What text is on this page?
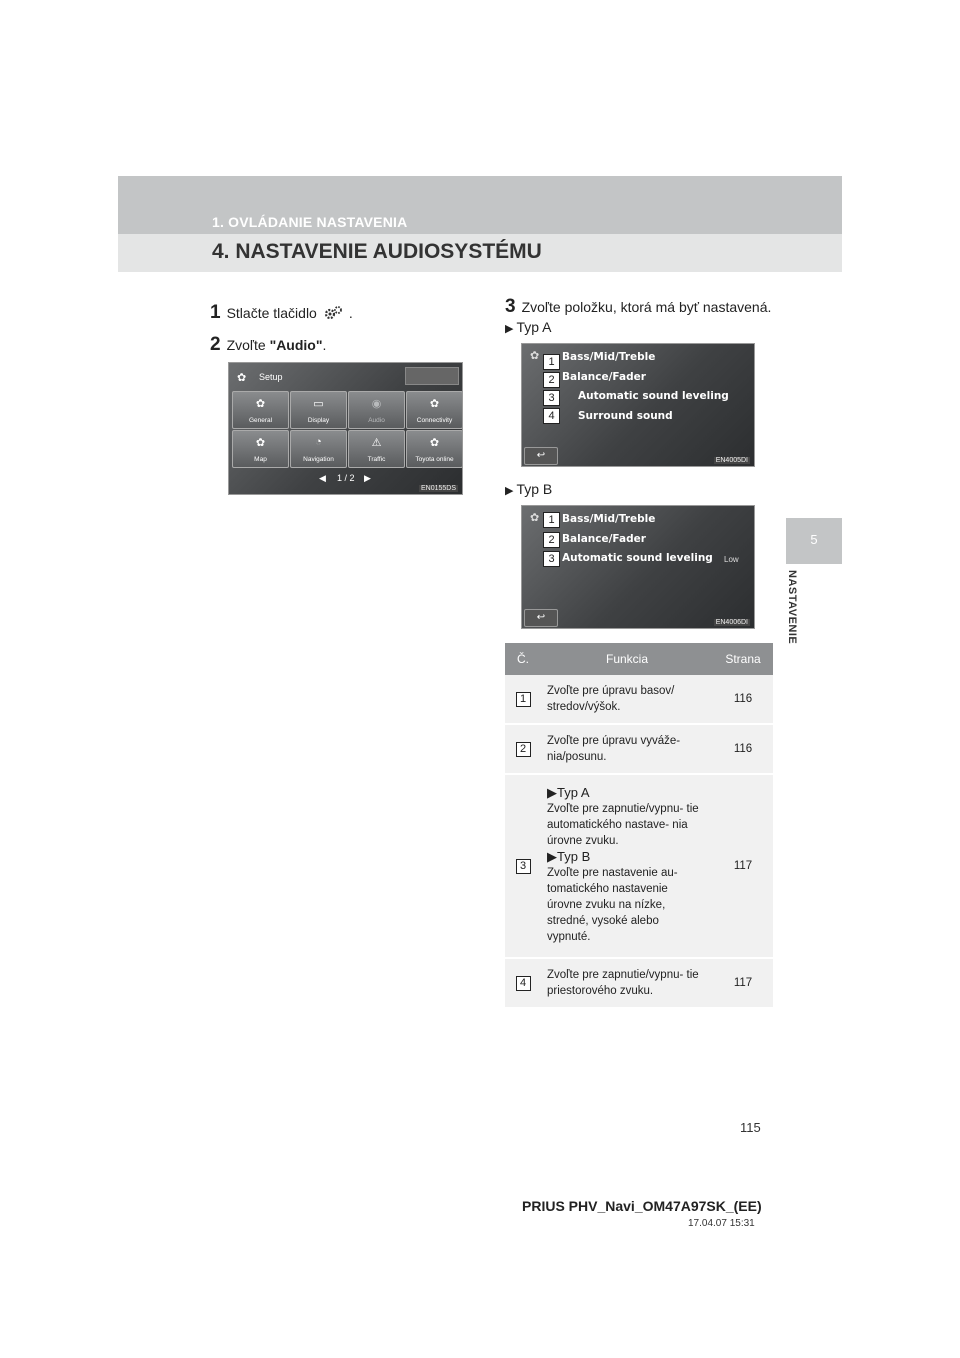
1. OVLÁDANIE NASTAVENIA
4. NASTAVENIE AUDIOSYSTÉMU
5
NASTAVENIE
1 Stlačte tlačidlo .
2 Zvoľte "Audio".
✿ Setup
✿
General
▭
Display
◉
Audio
✿
Connectivity
✿
Map
◔
Navigation
⚠
Traffic
✿
Toyota online
◀ 1 / 2 ▶
EN0155DS
3 Zvoľte položku, ktorá má byť nastavená.
▶ Typ A
✿ Bass/Mid/Treble
Balance/Fader
Automatic sound leveling
Surround sound
1
2
3
4
↩	EN4005DI
▶ Typ B
✿ Bass/Mid/Treble
Balance/Fader
Automatic sound leveling Low
1
2
3
↩	EN4006DI
Č.	Funkcia	Strana
1	Zvoľte pre úpravu basov/ stredov/výšok.	116
2	Zvoľte pre úpravu vyváže- nia/posunu.	116
3	▶Typ A
Zvoľte pre zapnutie/vypnu- tie automatického nastave- nia úrovne zvuku.
▶Typ B
Zvoľte pre nastavenie au- tomatického nastavenie úrovne zvuku na nízke, stredné, vysoké alebo vypnuté.	117
4	Zvoľte pre zapnutie/vypnu- tie priestorového zvuku.	117
115
PRIUS PHV_Navi_OM47A97SK_(EE)
17.04.07 15:31
